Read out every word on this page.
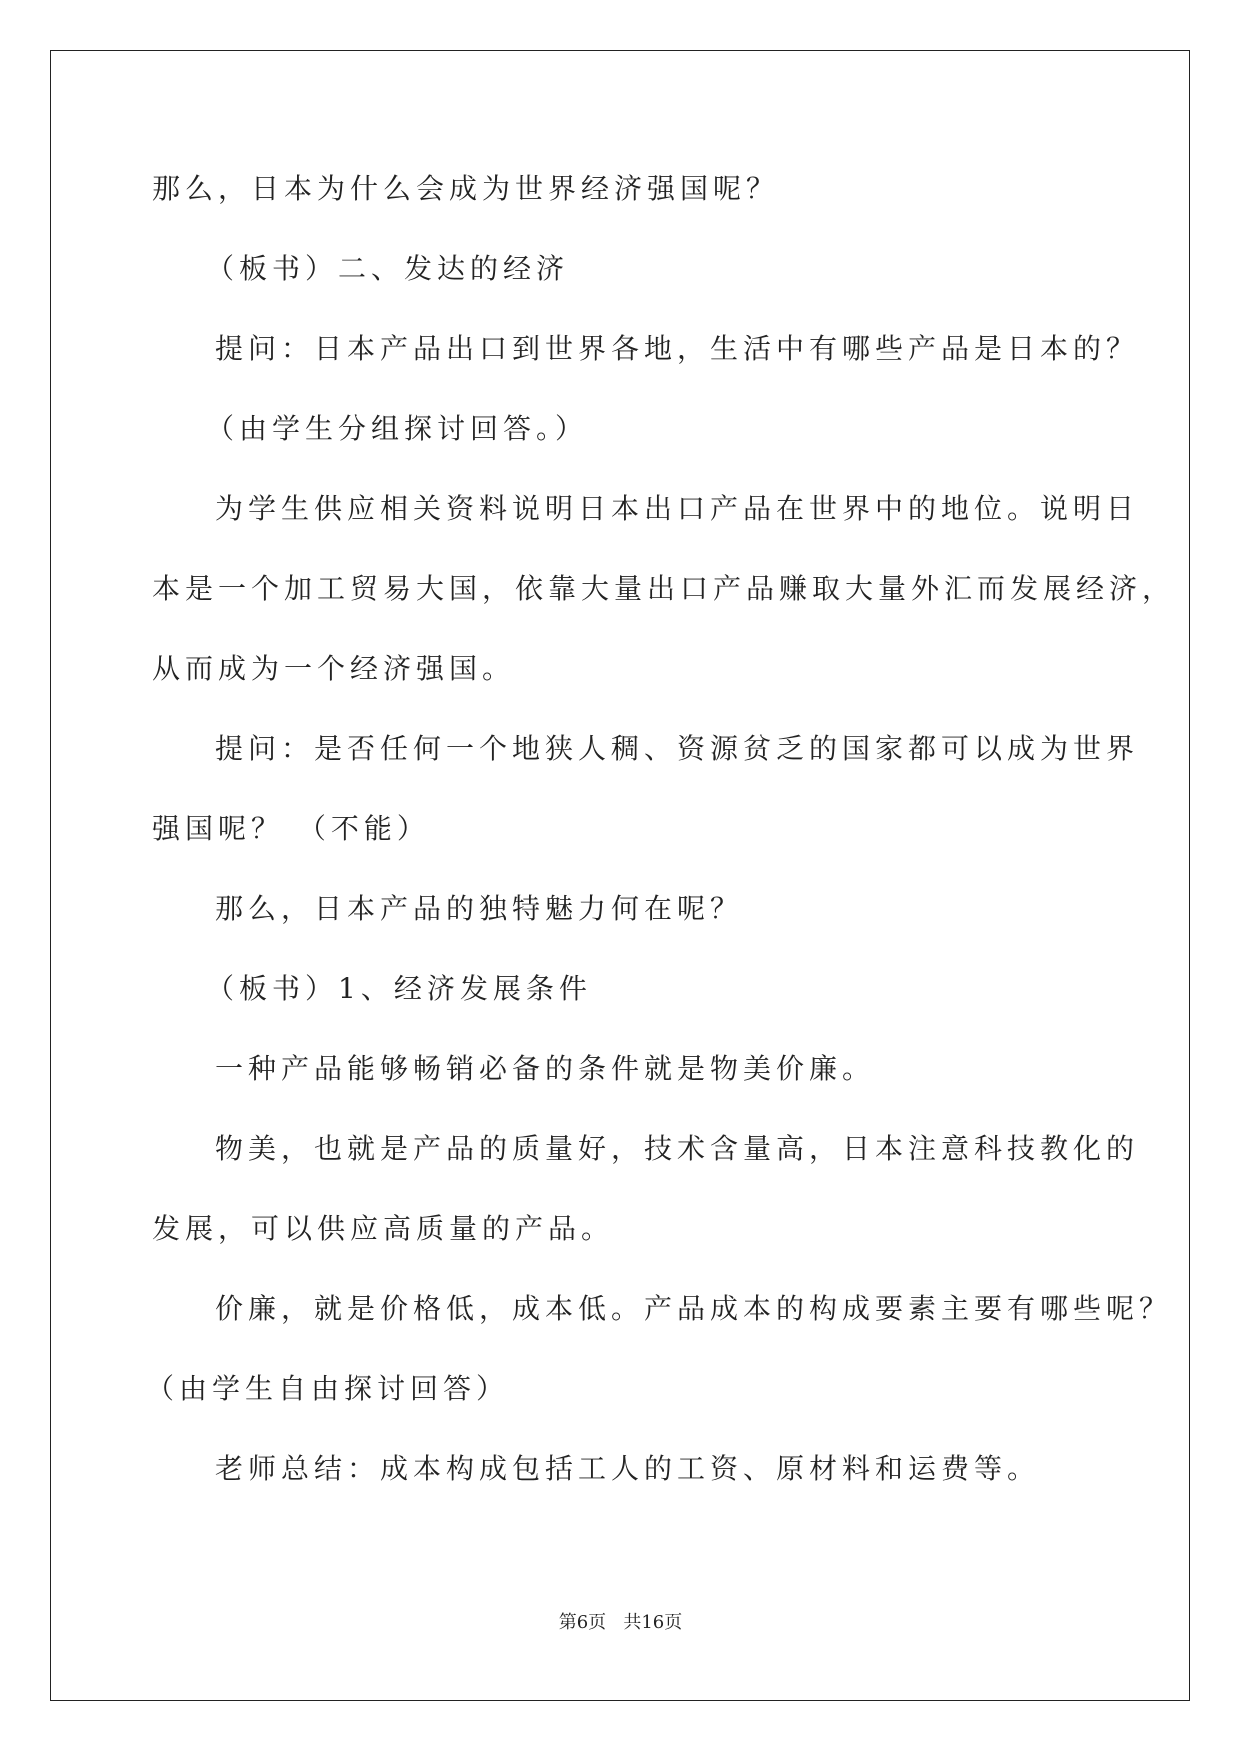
那么，日本为什么会成为世界经济强国呢？

（板书）二、发达的经济

提问：日本产品出口到世界各地，生活中有哪些产品是日本的？

（由学生分组探讨回答。）

为学生供应相关资料说明日本出口产品在世界中的地位。说明日

本是一个加工贸易大国，依靠大量出口产品赚取大量外汇而发展经济，

从而成为一个经济强国。

提问：是否任何一个地狭人稠、资源贫乏的国家都可以成为世界

强国呢？ （不能）

那么，日本产品的独特魅力何在呢？

（板书）1、经济发展条件

一种产品能够畅销必备的条件就是物美价廉。

物美，也就是产品的质量好，技术含量高，日本注意科技教化的

发展，可以供应高质量的产品。

价廉，就是价格低，成本低。产品成本的构成要素主要有哪些呢？

（由学生自由探讨回答）

老师总结：成本构成包括工人的工资、原材料和运费等。

第6页   共16页
